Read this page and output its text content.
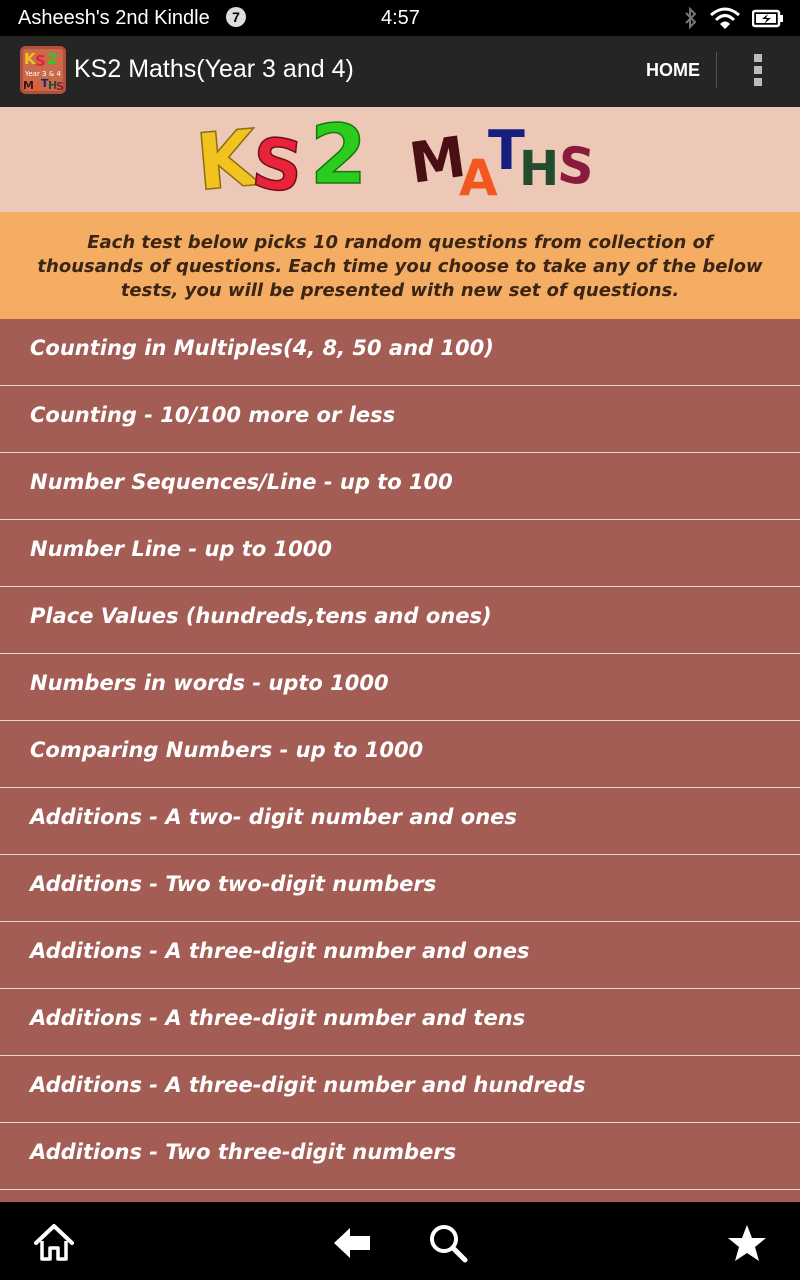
Asheesh's 2nd Kindle	7	4:57
K S 2
Year 3 & 4
M A T H
S
KS2 Maths(Year 3 and 4)	HOME
K
S 2 M
A
T
H
S
Each test below picks 10 random questions from collection of thousands of questions. Each time you choose to take any of the below tests, you will be presented with new set of questions.
Counting in Multiples(4, 8, 50 and 100)
Counting - 10/100 more or less
Number Sequences/Line - up to 100
Number Line - up to 1000
Place Values (hundreds,tens and ones)
Numbers in words - upto 1000
Comparing Numbers - up to 1000
Additions - A two- digit number and ones
Additions - Two two-digit numbers
Additions - A three-digit number and ones
Additions - A three-digit number and tens
Additions - A three-digit number and hundreds
Additions - Two three-digit numbers
